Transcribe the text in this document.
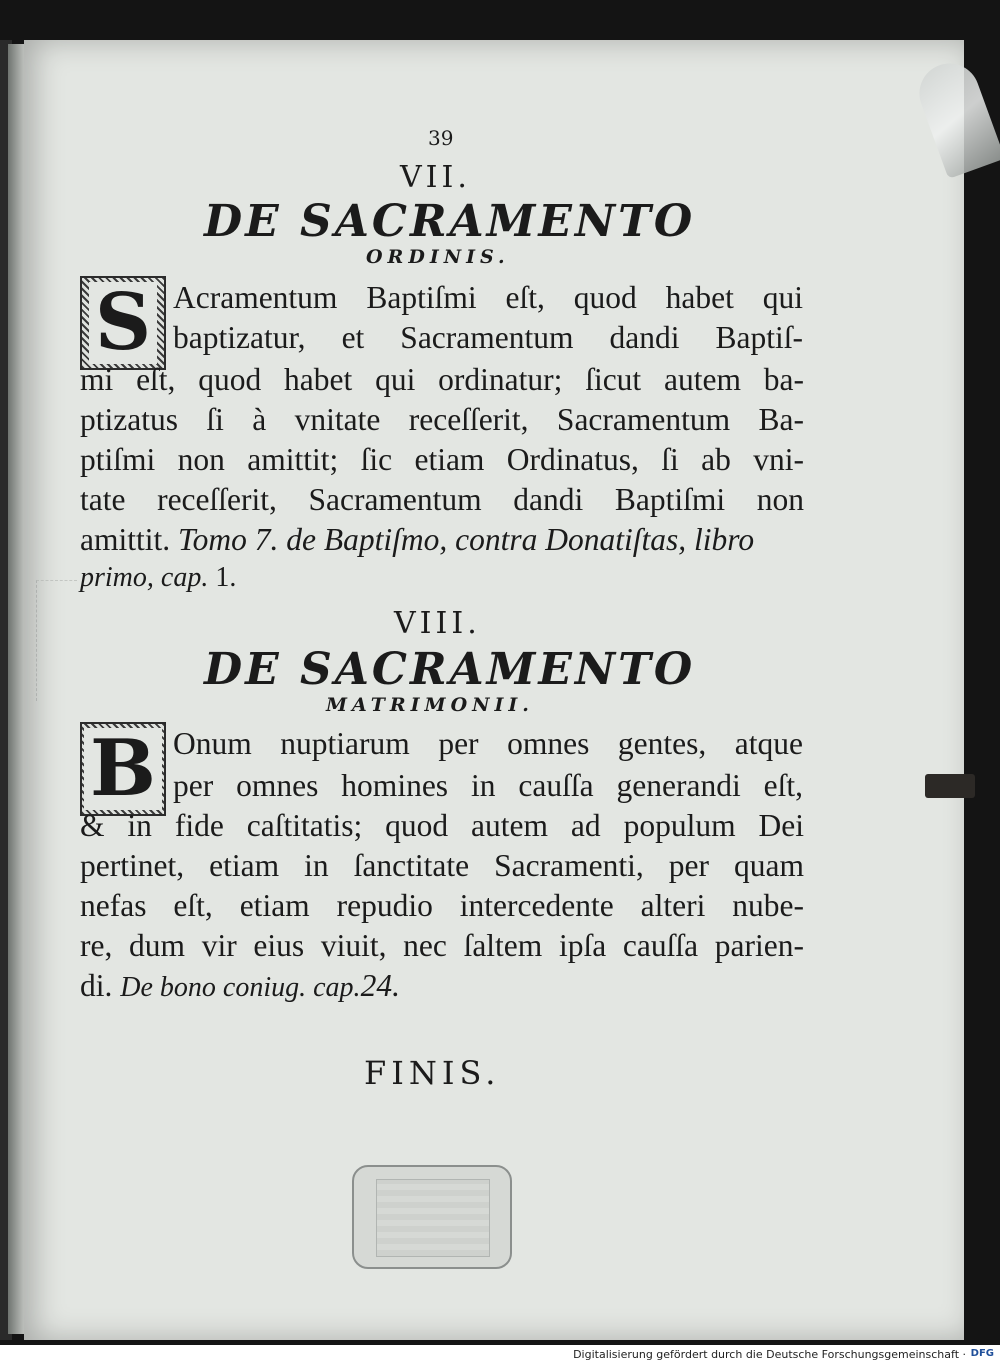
39
VII.
DE SACRAMENTO
ORDINIS.
S Acramentum Baptiſmi eſt, quod habet qui
baptizatur, et Sacramentum dandi Baptiſ-
mi eſt, quod habet qui ordinatur; ſicut autem ba-
ptizatus ſi à vnitate receſſerit, Sacramentum Ba-
ptiſmi non amittit; ſic etiam Ordinatus, ſi ab vni-
tate receſſerit, Sacramentum dandi Baptiſmi non
amittit. Tomo 7. de Baptiſmo, contra Donatiſtas, libro
primo, cap. 1.
VIII.
DE SACRAMENTO
MATRIMONII.
B Onum nuptiarum per omnes gentes, atque
per omnes homines in cauſſa generandi eſt,
& in fide caſtitatis; quod autem ad populum Dei
pertinet, etiam in ſanctitate Sacramenti, per quam
nefas eſt, etiam repudio intercedente alteri nube-
re, dum vir eius viuit, nec ſaltem ipſa cauſſa parien-
di. De bono coniug. cap.24.
FINIS.
Digitalisierung gefördert durch die Deutsche Forschungsgemeinschaft · DFG
